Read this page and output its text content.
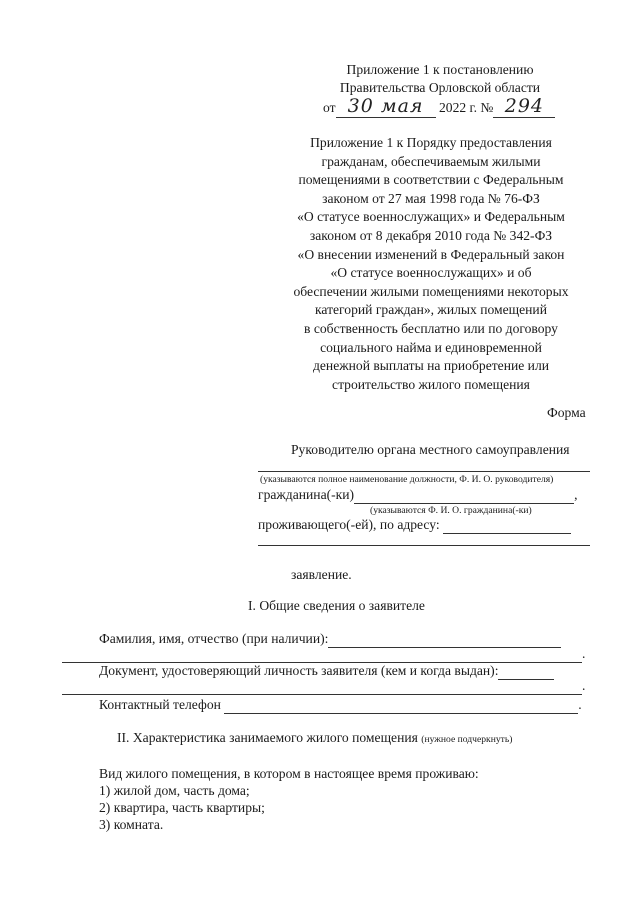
Приложение 1 к постановлению
Правительства Орловской области
от 30 мая 2022 г. № 294
Приложение 1 к Порядку предоставления
гражданам, обеспечиваемым жилыми
помещениями в соответствии с Федеральным
законом от 27 мая 1998 года № 76-ФЗ
«О статусе военнослужащих» и Федеральным
законом от 8 декабря 2010 года № 342-ФЗ
«О внесении изменений в Федеральный закон
«О статусе военнослужащих» и об
обеспечении жилыми помещениями некоторых
категорий граждан», жилых помещений
в собственность бесплатно или по договору
социального найма и единовременной
денежной выплаты на приобретение или
строительство жилого помещения
Форма
Руководителю органа местного самоуправления
(указываются полное наименование должности, Ф. И. О. руководителя)
гражданина(-ки)	,
(указываются Ф. И. О. гражданина(-ки)
проживающего(-ей), по адресу:
заявление.
I. Общие сведения о заявителе
Фамилия, имя, отчество (при наличии):
.
Документ, удостоверяющий личность заявителя (кем и когда выдан):
.
Контактный телефон	.
II. Характеристика занимаемого жилого помещения (нужное подчеркнуть)
Вид жилого помещения, в котором в настоящее время проживаю:
1) жилой дом, часть дома;
2) квартира, часть квартиры;
3) комната.
